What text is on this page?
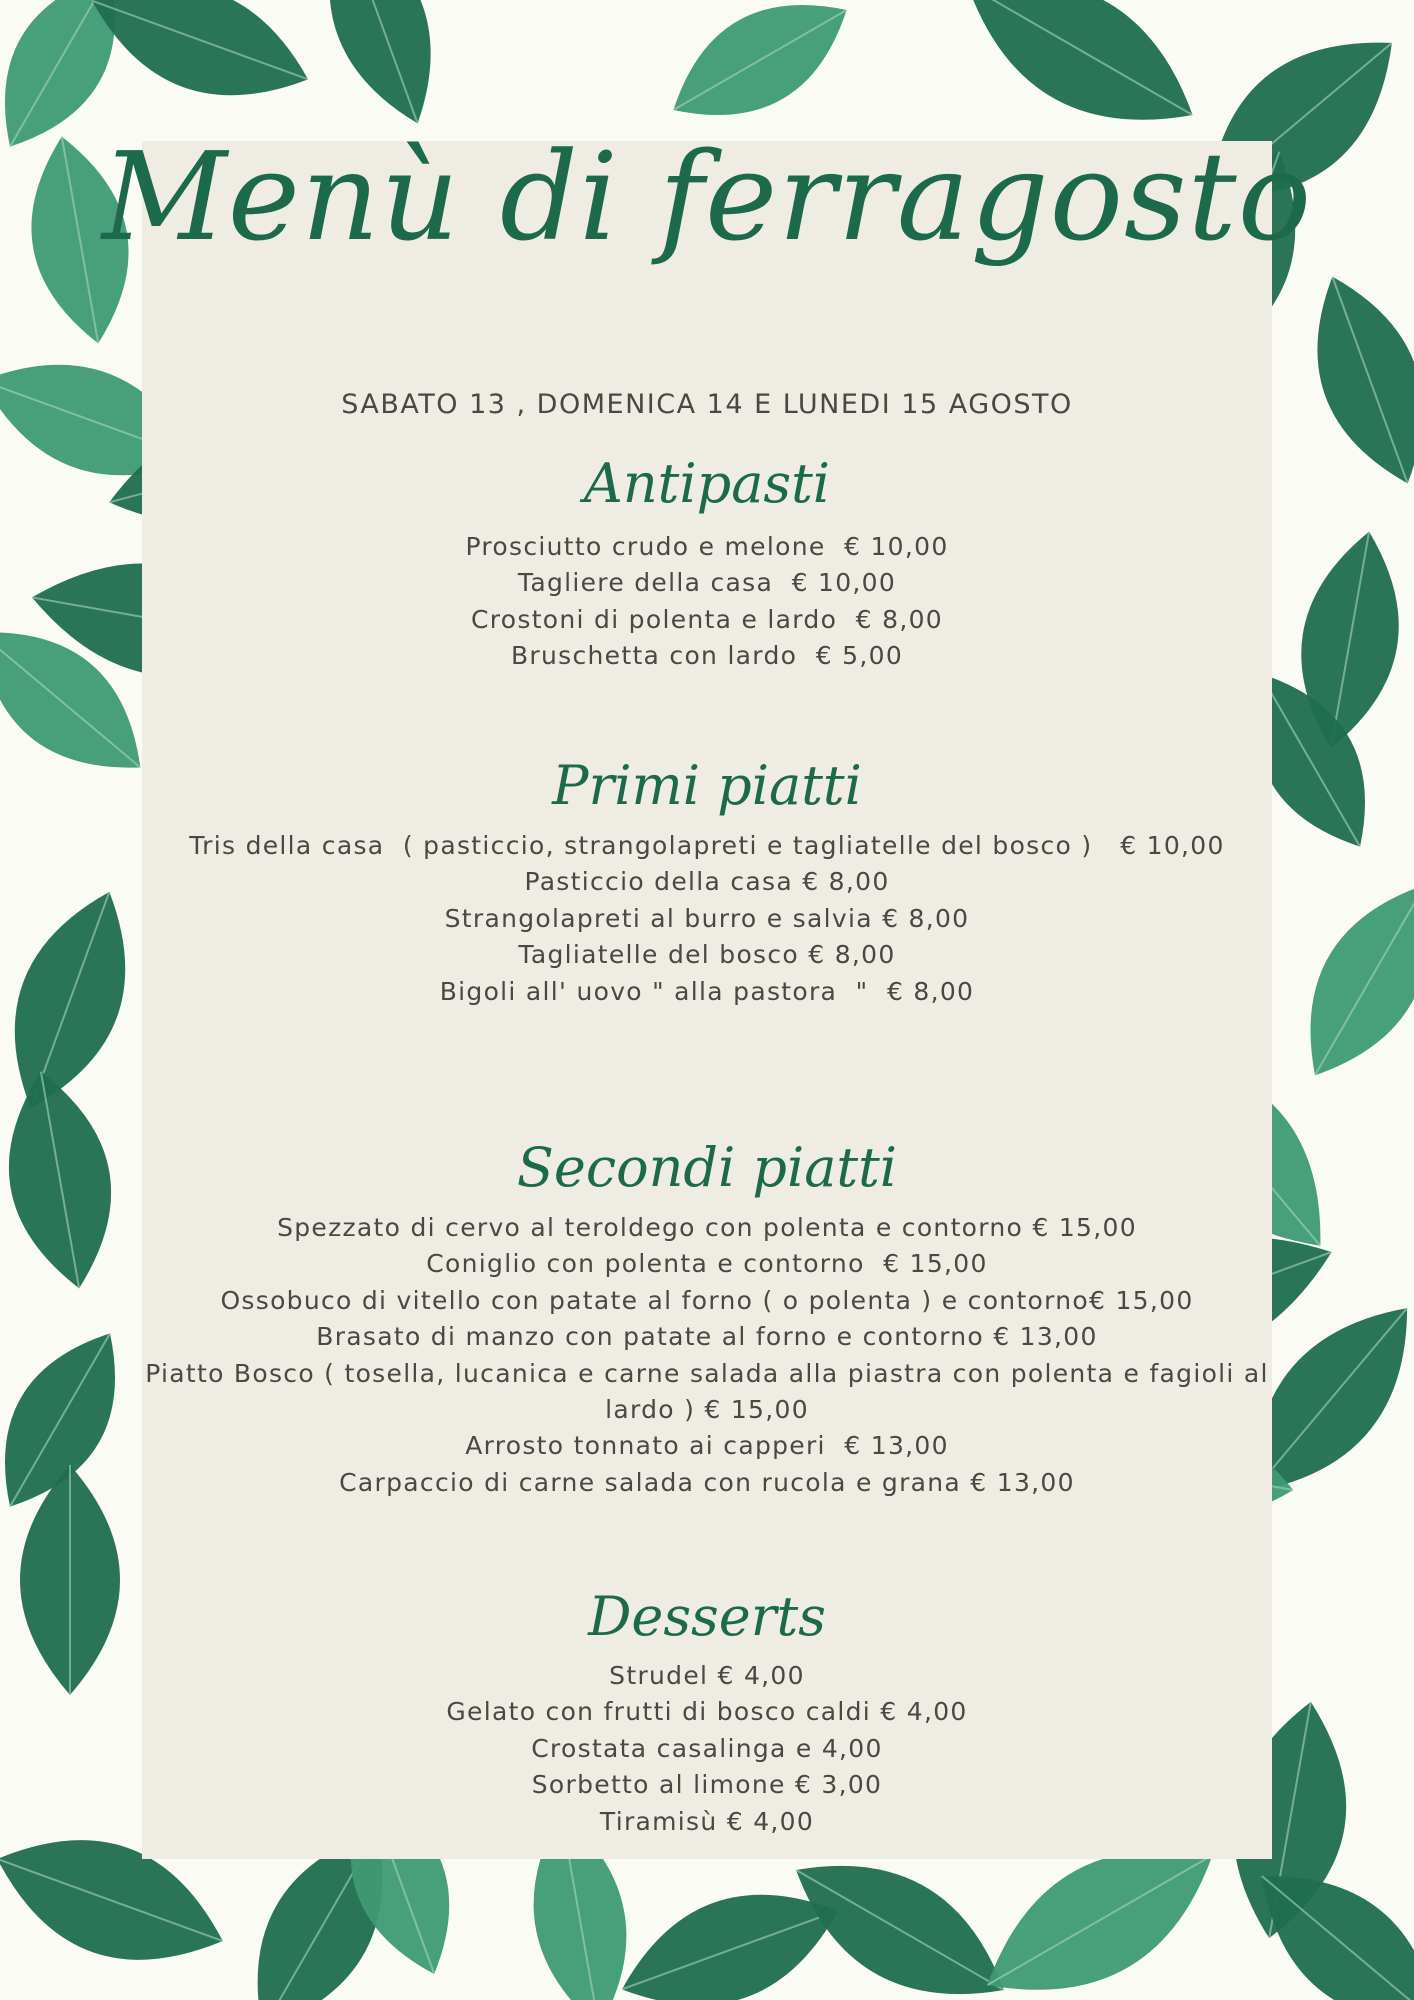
Menù di ferragosto
SABATO 13 , DOMENICA 14 E LUNEDI 15 AGOSTO
Antipasti
Prosciutto crudo e melone  € 10,00
Tagliere della casa  € 10,00
Crostoni di polenta e lardo  € 8,00
Bruschetta con lardo  € 5,00
Primi piatti
Tris della casa  ( pasticcio, strangolapreti e tagliatelle del bosco )   € 10,00
Pasticcio della casa € 8,00
Strangolapreti al burro e salvia € 8,00
Tagliatelle del bosco € 8,00
Bigoli all' uovo " alla pastora  "  € 8,00
Secondi piatti
Spezzato di cervo al teroldego con polenta e contorno € 15,00
Coniglio con polenta e contorno  € 15,00
Ossobuco di vitello con patate al forno ( o polenta ) e contorno€ 15,00
Brasato di manzo con patate al forno e contorno € 13,00
Piatto Bosco ( tosella, lucanica e carne salada alla piastra con polenta e fagioli al lardo ) € 15,00
Arrosto tonnato ai capperi  € 13,00
Carpaccio di carne salada con rucola e grana € 13,00
Desserts
Strudel € 4,00
Gelato con frutti di bosco caldi € 4,00
Crostata casalinga e 4,00
Sorbetto al limone € 3,00
Tiramisù € 4,00
